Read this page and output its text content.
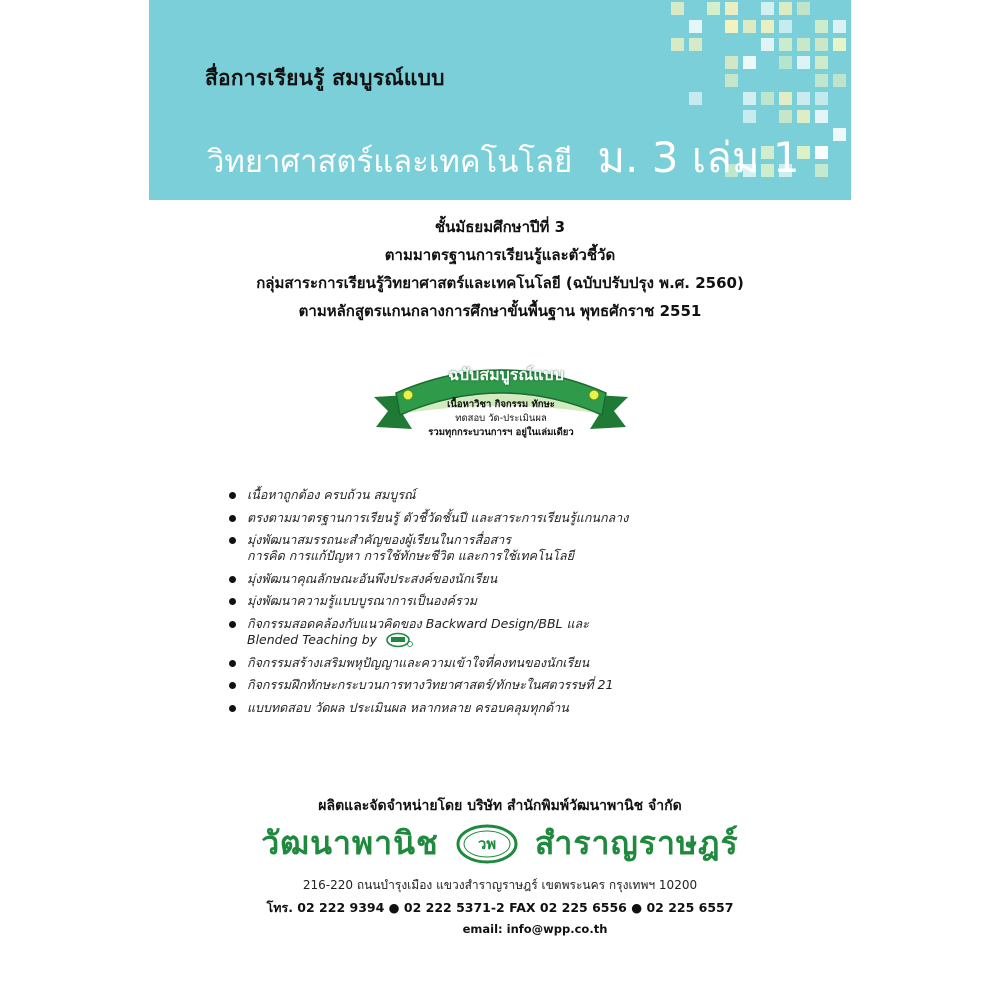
สื่อการเรียนรู้ สมบูรณ์แบบ
วิทยาศาสตร์และเทคโนโลยี ม. 3 เล่ม 1
ชั้นมัธยมศึกษาปีที่ 3
ตามมาตรฐานการเรียนรู้และตัวชี้วัด
กลุ่มสาระการเรียนรู้วิทยาศาสตร์และเทคโนโลยี (ฉบับปรับปรุง พ.ศ. 2560)
ตามหลักสูตรแกนกลางการศึกษาขั้นพื้นฐาน พุทธศักราช 2551
ฉบับสมบูรณ์แบบ
เนื้อหาวิชา กิจกรรม ทักษะ
ทดสอบ วัด-ประเมินผล
รวมทุกกระบวนการฯ อยู่ในเล่มเดียว
เนื้อหาถูกต้อง ครบถ้วน สมบูรณ์
ตรงตามมาตรฐานการเรียนรู้ ตัวชี้วัดชั้นปี และสาระการเรียนรู้แกนกลาง
มุ่งพัฒนาสมรรถนะสำคัญของผู้เรียนในการสื่อสาร
การคิด การแก้ปัญหา การใช้ทักษะชีวิต และการใช้เทคโนโลยี
มุ่งพัฒนาคุณลักษณะอันพึงประสงค์ของนักเรียน
มุ่งพัฒนาความรู้แบบบูรณาการเป็นองค์รวม
กิจกรรมสอดคล้องกับแนวคิดของ Backward Design/BBL และ
Blended Teaching by
กิจกรรมสร้างเสริมพหุปัญญาและความเข้าใจที่คงทนของนักเรียน
กิจกรรมฝึกทักษะกระบวนการทางวิทยาศาสตร์/ทักษะในศตวรรษที่ 21
แบบทดสอบ วัดผล ประเมินผล หลากหลาย ครอบคลุมทุกด้าน
ผลิตและจัดจำหน่ายโดย บริษัท สำนักพิมพ์วัฒนาพานิช จำกัด
วัฒนาพานิช	วพ สำราญราษฎร์
216-220 ถนนบำรุงเมือง แขวงสำราญราษฎร์ เขตพระนคร กรุงเทพฯ 10200
โทร. 02 222 9394 ● 02 222 5371-2 FAX 02 225 6556 ● 02 225 6557
email: info@wpp.co.th
